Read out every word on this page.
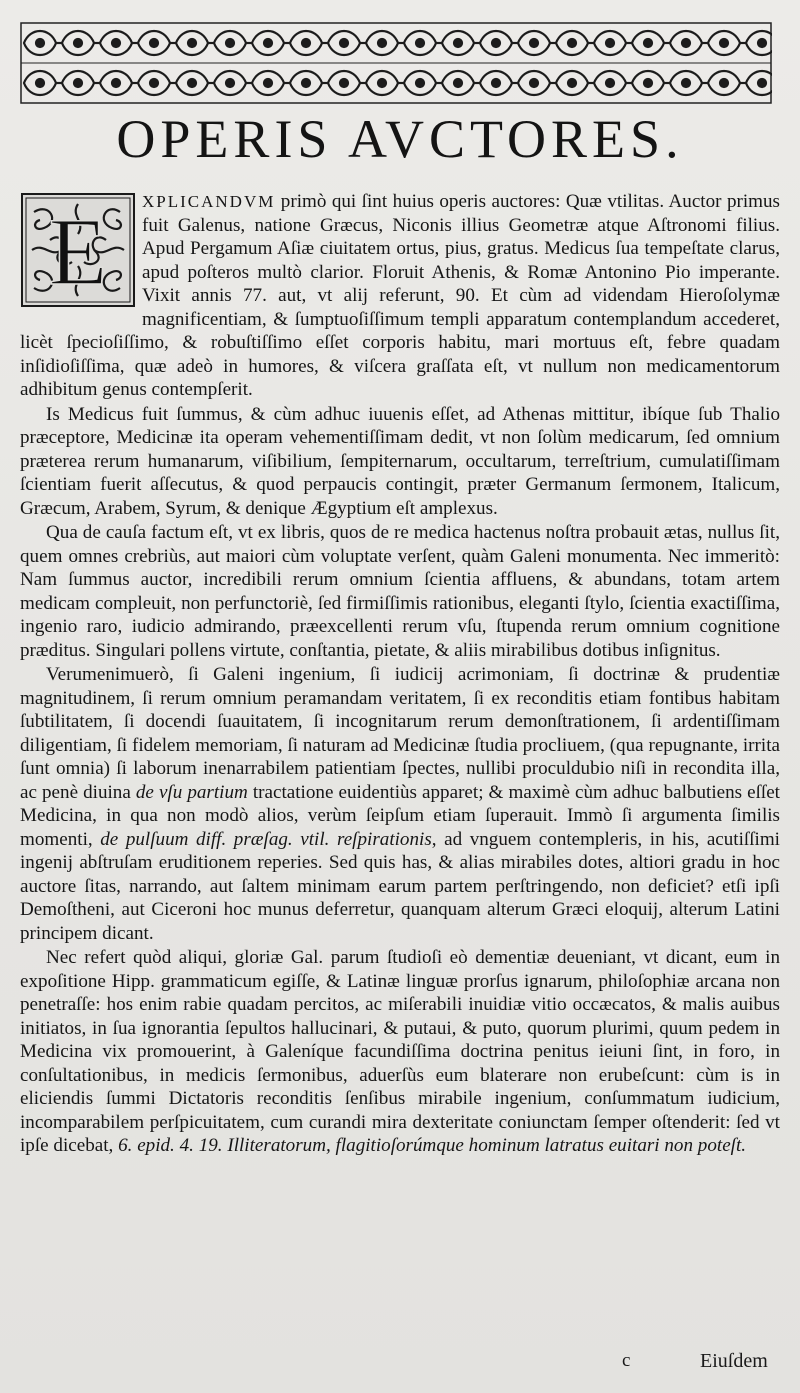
OPERIS AVCTORES.
E	XPLICANDVM primò qui ſint huius operis auctores: Quæ vtilitas. Auctor primus fuit Galenus, natione Græcus, Niconis illius Geometræ atque Aſtronomi filius. Apud Pergamum Aſiæ ciuitatem ortus, pius, gratus. Medicus ſua tempeſtate clarus, apud poſteros multò clarior. Floruit Athenis, & Romæ Antonino Pio imperante. Vixit annis 77. aut, vt alij referunt, 90. Et cùm ad videndam Hieroſolymæ magnificentiam, & ſumptuoſiſſimum templi apparatum contemplandum accederet, licèt ſpecioſiſſimo, & robuſtiſſimo eſſet corporis habitu, mari mortuus eſt, febre quadam inſidioſiſſima, quæ adeò in humores, & viſcera graſſata eſt, vt nullum non medicamentorum adhibitum genus contempſerit.

Is Medicus fuit ſummus, & cùm adhuc iuuenis eſſet, ad Athenas mittitur, ibíque ſub Thalio præceptore, Medicinæ ita operam vehementiſſimam dedit, vt non ſolùm medicarum, ſed omnium præterea rerum humanarum, viſibilium, ſempiternarum, occultarum, terreſtrium, cumulatiſſimam ſcientiam fuerit aſſecutus, & quod perpaucis contingit, præter Germanum ſermonem, Italicum, Græcum, Arabem, Syrum, & denique Ægyptium eſt amplexus.

Qua de cauſa factum eſt, vt ex libris, quos de re medica hactenus noſtra probauit ætas, nullus ſit, quem omnes crebriùs, aut maiori cùm voluptate verſent, quàm Galeni monumenta. Nec immeritò: Nam ſummus auctor, incredibili rerum omnium ſcientia affluens, & abundans, totam artem medicam compleuit, non perfunctoriè, ſed firmiſſimis rationibus, eleganti ſtylo, ſcientia exactiſſima, ingenio raro, iudicio admirando, præexcellenti rerum vſu, ſtupenda rerum omnium cognitione præditus. Singulari pollens virtute, conſtantia, pietate, & aliis mirabilibus dotibus inſignitus.

Verumenimuerò, ſi Galeni ingenium, ſi iudicij acrimoniam, ſi doctrinæ & prudentiæ magnitudinem, ſi rerum omnium peramandam veritatem, ſi ex reconditis etiam fontibus habitam ſubtilitatem, ſi docendi ſuauitatem, ſi incognitarum rerum demonſtrationem, ſi ardentiſſimam diligentiam, ſi fidelem memoriam, ſi naturam ad Medicinæ ſtudia procliuem, (qua repugnante, irrita ſunt omnia) ſi laborum inenarrabilem patientiam ſpectes, nullibi proculdubio niſi in recondita illa, ac penè diuina de vſu partium tractatione euidentiùs apparet; & maximè cùm adhuc balbutiens eſſet Medicina, in qua non modò alios, verùm ſeipſum etiam ſuperauit. Immò ſi argumenta ſimilis momenti, de pulſuum diff. præſag. vtil. reſpirationis, ad vnguem contempleris, in his, acutiſſimi ingenij abſtruſam eruditionem reperies. Sed quis has, & alias mirabiles dotes, altiori gradu in hoc auctore ſitas, narrando, aut ſaltem minimam earum partem perſtringendo, non deficiet? etſi ipſi Demoſtheni, aut Ciceroni hoc munus deferretur, quanquam alterum Græci eloquij, alterum Latini principem dicant.

Nec refert quòd aliqui, gloriæ Gal. parum ſtudioſi eò dementiæ deueniant, vt dicant, eum in expoſitione Hipp. grammaticum egiſſe, & Latinæ linguæ prorſus ignarum, philoſophiæ arcana non penetraſſe: hos enim rabie quadam percitos, ac miſerabili inuidiæ vitio occæcatos, & malis auibus initiatos, in ſua ignorantia ſepultos hallucinari, & putaui, & puto, quorum plurimi, quum pedem in Medicina vix promouerint, à Galeníque facundiſſima doctrina penitus ieiuni ſint, in foro, in conſultationibus, in medicis ſermonibus, aduerſùs eum blaterare non erubeſcunt: cùm is in eliciendis ſummi Dictatoris reconditis ſenſibus mirabile ingenium, conſummatum iudicium, incomparabilem perſpicuitatem, cum curandi mira dexteritate coniunctam ſemper oſtenderit: ſed vt ipſe dicebat, 6. epid. 4. 19. Illiteratorum, flagitioſorúmque hominum latratus euitari non poteſt.

c	Eiuſdem
